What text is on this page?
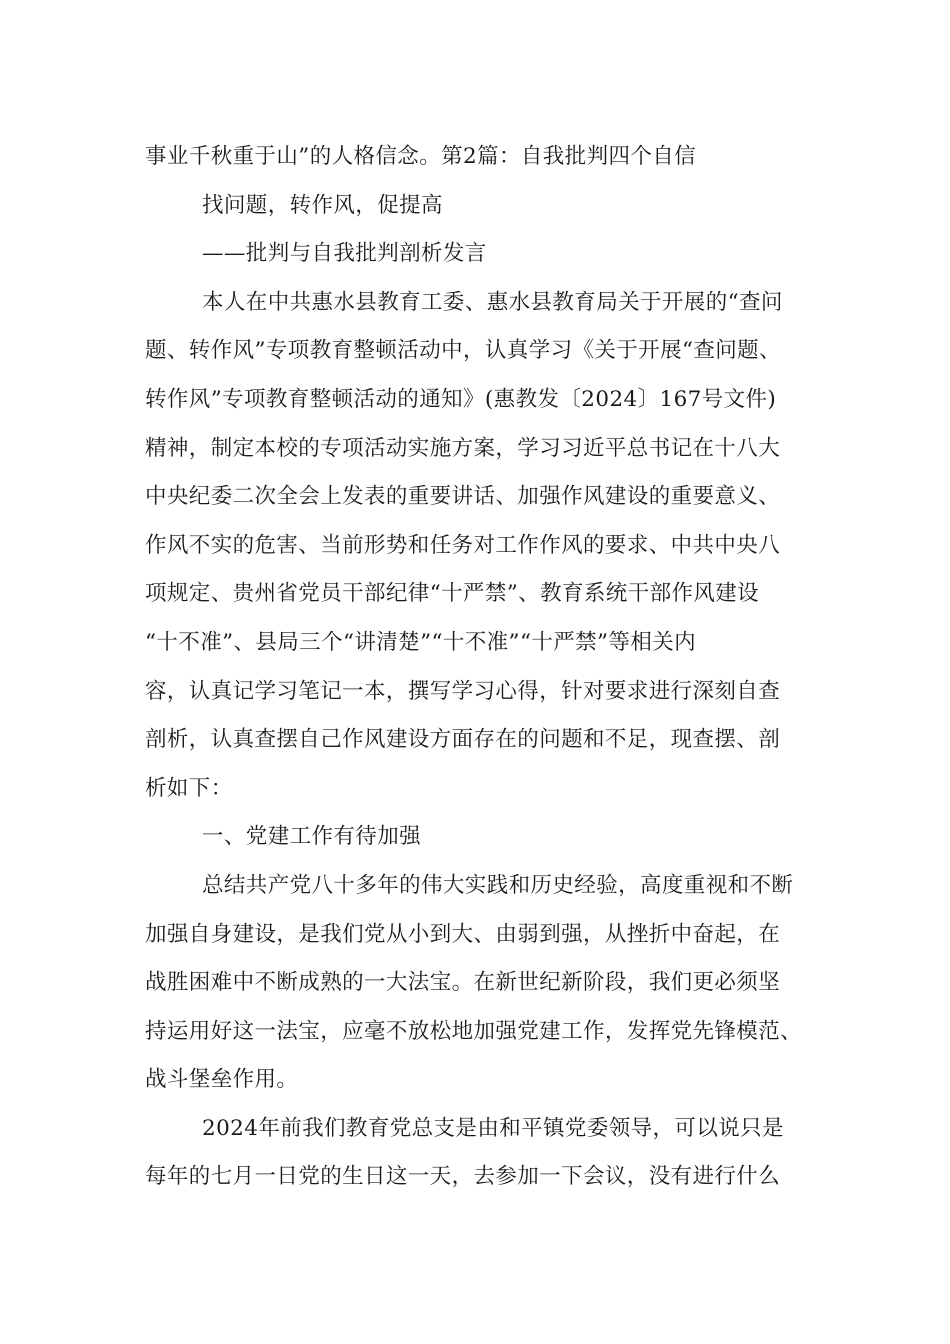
事业千秋重于山”的人格信念。第2篇：自我批判四个自信
找问题，转作风，促提高
——批判与自我批判剖析发言
本人在中共惠水县教育工委、惠水县教育局关于开展的“查问
题、转作风”专项教育整顿活动中，认真学习《关于开展“查问题、
转作风”专项教育整顿活动的通知》(惠教发〔2024〕167号文件)
精神，制定本校的专项活动实施方案，学习习近平总书记在十八大
中央纪委二次全会上发表的重要讲话、加强作风建设的重要意义、
作风不实的危害、当前形势和任务对工作作风的要求、中共中央八
项规定、贵州省党员干部纪律“十严禁”、教育系统干部作风建设
“十不准”、县局三个“讲清楚”“十不准”“十严禁”等相关内
容，认真记学习笔记一本，撰写学习心得，针对要求进行深刻自查
剖析，认真查摆自己作风建设方面存在的问题和不足，现查摆、剖
析如下：
一、党建工作有待加强
总结共产党八十多年的伟大实践和历史经验，高度重视和不断
加强自身建设，是我们党从小到大、由弱到强，从挫折中奋起，在
战胜困难中不断成熟的一大法宝。在新世纪新阶段，我们更必须坚
持运用好这一法宝，应毫不放松地加强党建工作，发挥党先锋模范、
战斗堡垒作用。
2024年前我们教育党总支是由和平镇党委领导，可以说只是
每年的七月一日党的生日这一天，去参加一下会议，没有进行什么
